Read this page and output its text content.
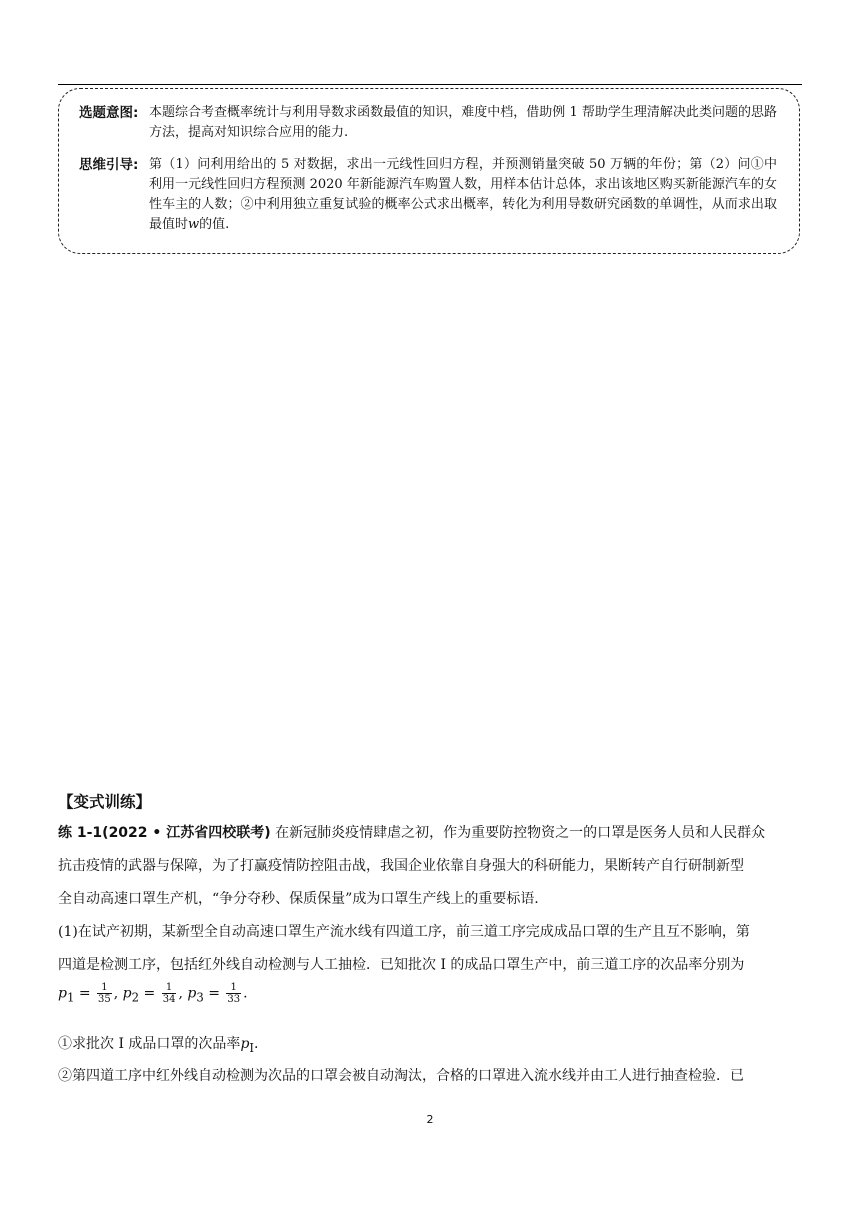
选题意图: 本题综合考查概率统计与利用导数求函数最值的知识，难度中档，借助例 1 帮助学生理清解决此类问题的思路方法，提高对知识综合应用的能力.
思维引导: 第（1）问利用给出的 5 对数据，求出一元线性回归方程，并预测销量突破 50 万辆的年份；第（2）问①中利用一元线性回归方程预测 2020 年新能源汽车购置人数，用样本估计总体，求出该地区购买新能源汽车的女性车主的人数；②中利用独立重复试验的概率公式求出概率，转化为利用导数研究函数的单调性，从而求出取最值时w的值.
【变式训练】
练 1-1(2022 • 江苏省四校联考) 在新冠肺炎疫情肆虐之初，作为重要防控物资之一的口罩是医务人员和人民群众
抗击疫情的武器与保障，为了打赢疫情防控阻击战，我国企业依靠自身强大的科研能力，果断转产自行研制新型
全自动高速口罩生产机，“争分夺秒、保质保量”成为口罩生产线上的重要标语.
(1)在试产初期，某新型全自动高速口罩生产流水线有四道工序，前三道工序完成成品口罩的生产且互不影响，第
四道是检测工序，包括红外线自动检测与人工抽检．已知批次 I 的成品口罩生产中，前三道工序的次品率分别为
$p_1 = \frac{1}{35}$ , $p_2 = \frac{1}{34}$ , $p_3 = \frac{1}{33}$ .
①求批次 I 成品口罩的次品率$p_I$.
②第四道工序中红外线自动检测为次品的口罩会被自动淘汰，合格的口罩进入流水线并由工人进行抽查检验．已
2
